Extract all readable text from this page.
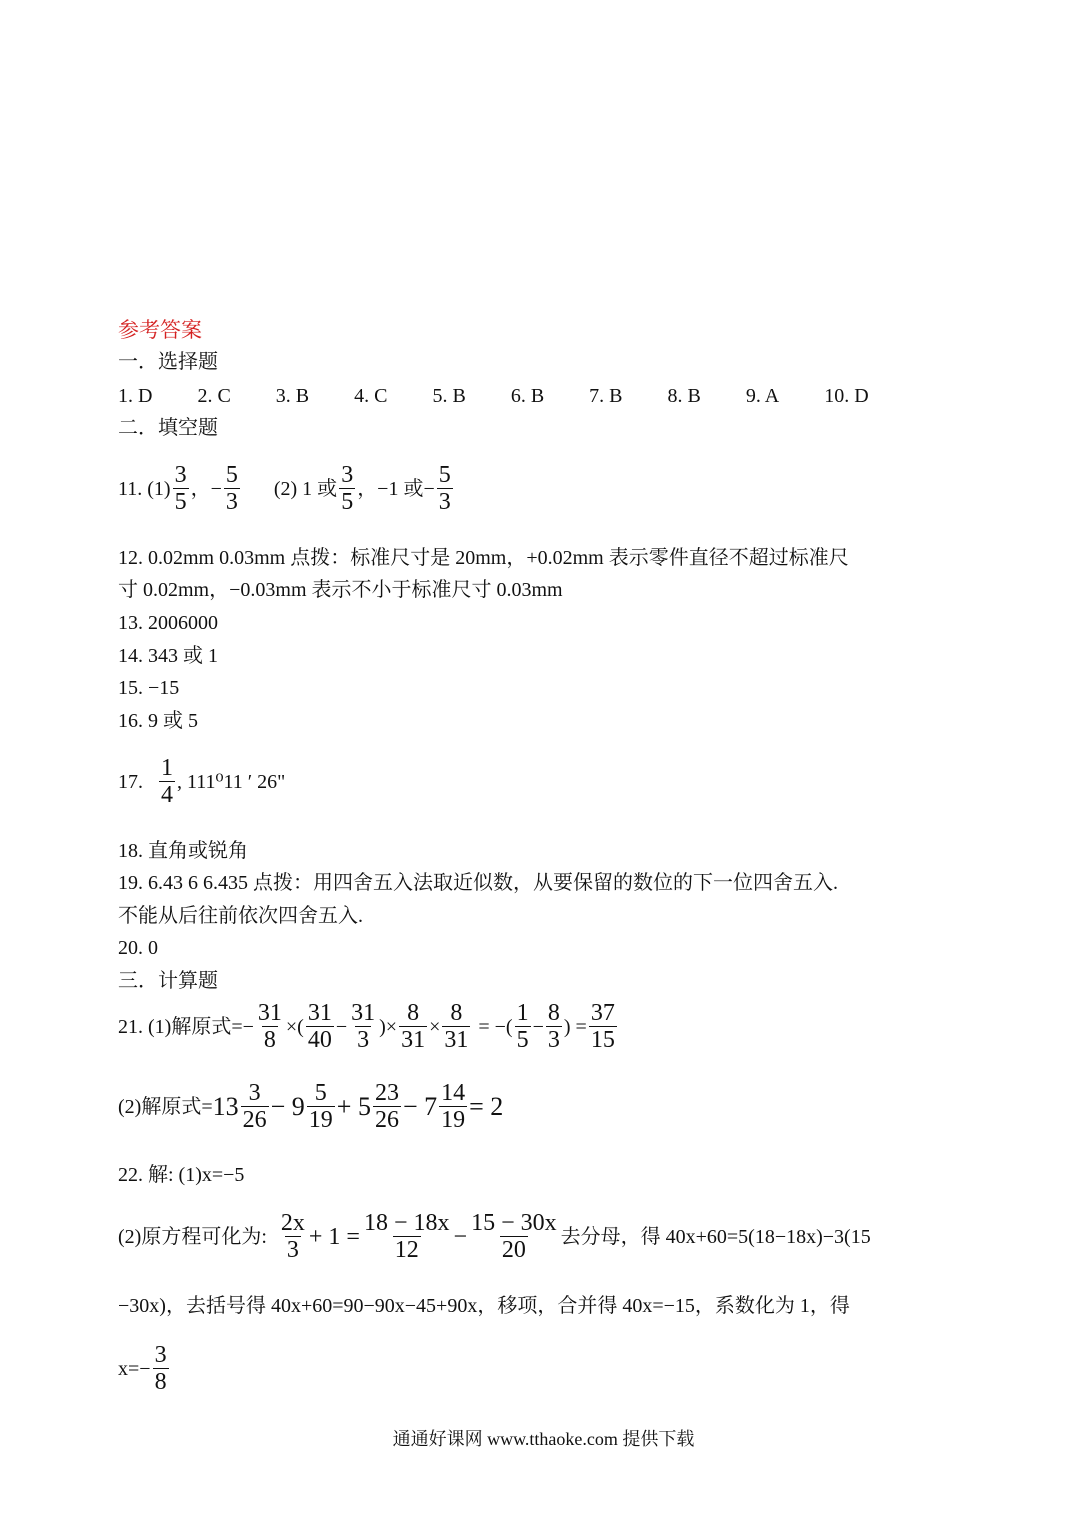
参考答案
一．选择题
1. D 2. C 3. B 4. C 5. B 6. B 7. B 8. B 9. A 10. D
二．填空题
11. $(1) \frac{3}{5}$ ，− $\frac{5}{3} (2)$ 1 或 $\frac{3}{5}$ ，−1 或− $\frac{5}{3}$
12. 0.02mm 0.03mm 点拨：标准尺寸是 20mm，+0.02mm 表示零件直径不超过标准尺
寸 0.02mm，−0.03mm 表示不小于标准尺寸 0.03mm
13. 2006000
14. 343 或 1
15. −15
16. 9 或 5
17. $\frac{1}{4}$ , 111⁰11 ′ 26"
18. 直角或锐角
19. 6.43 6 6.435 点拨：用四舍五入法取近似数，从要保留的数位的下一位四舍五入.
不能从后往前依次四舍五入.
20. 0
三．计算题
21. (1)解原式=− $\frac{31}{8}$ ×( $\frac{31}{40} - \frac{31}{3}$ )× $\frac{8}{31} \times \frac{8}{31}$ = −( $\frac{1}{5} - \frac{8}{3}$ ) = $\frac{37}{15}$
(2)解原式= $13 \frac{3}{26} - 9 \frac{5}{19} + 5 \frac{23}{26} - 7 \frac{14}{19} = 2$
22. 解: (1)x=−5
(2)原方程可化为: $\frac{2x}{3} + 1 = \frac{18 - 18x}{12} - \frac{15 - 30x}{20}$ 去分母，得 40x+60=5(18−18x)−3(15
−30x)，去括号得 40x+60=90−90x−45+90x，移项，合并得 40x=−15，系数化为 1，得
$x=- \frac{3}{8}$
通通好课网 www.tthaoke.com 提供下载
